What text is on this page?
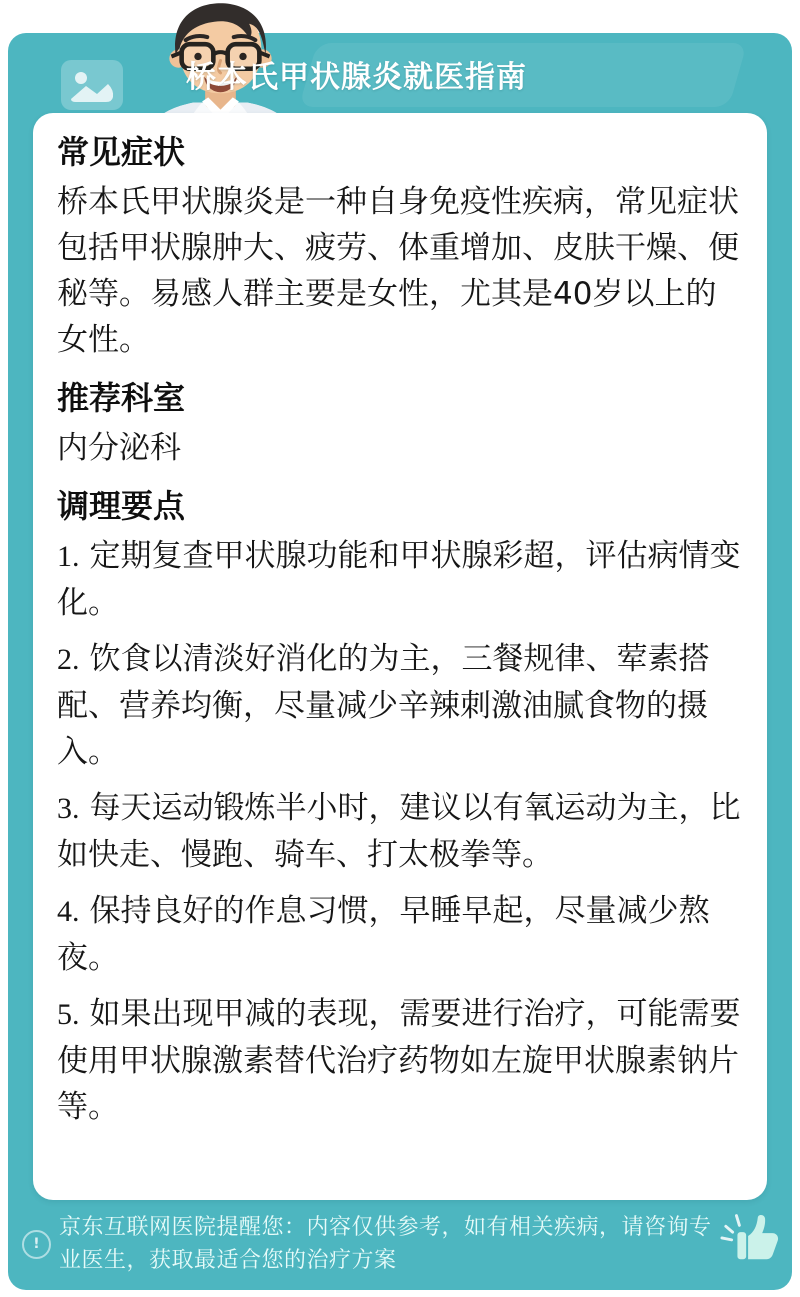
桥本氏甲状腺炎就医指南
常见症状

桥本氏甲状腺炎是一种自身免疫性疾病，常见症状包括甲状腺肿大、疲劳、体重增加、皮肤干燥、便秘等。易感人群主要是女性，尤其是40岁以上的女性。

推荐科室

内分泌科

调理要点

1. 定期复查甲状腺功能和甲状腺彩超，评估病情变化。

2. 饮食以清淡好消化的为主，三餐规律、荤素搭配、营养均衡，尽量减少辛辣刺激油腻食物的摄入。

3. 每天运动锻炼半小时，建议以有氧运动为主，比如快走、慢跑、骑车、打太极拳等。

4. 保持良好的作息习惯，早睡早起，尽量减少熬夜。

5. 如果出现甲减的表现，需要进行治疗，可能需要使用甲状腺激素替代治疗药物如左旋甲状腺素钠片等。

!

京东互联网医院提醒您：内容仅供参考，如有相关疾病，请咨询专业医生，获取最适合您的治疗方案
